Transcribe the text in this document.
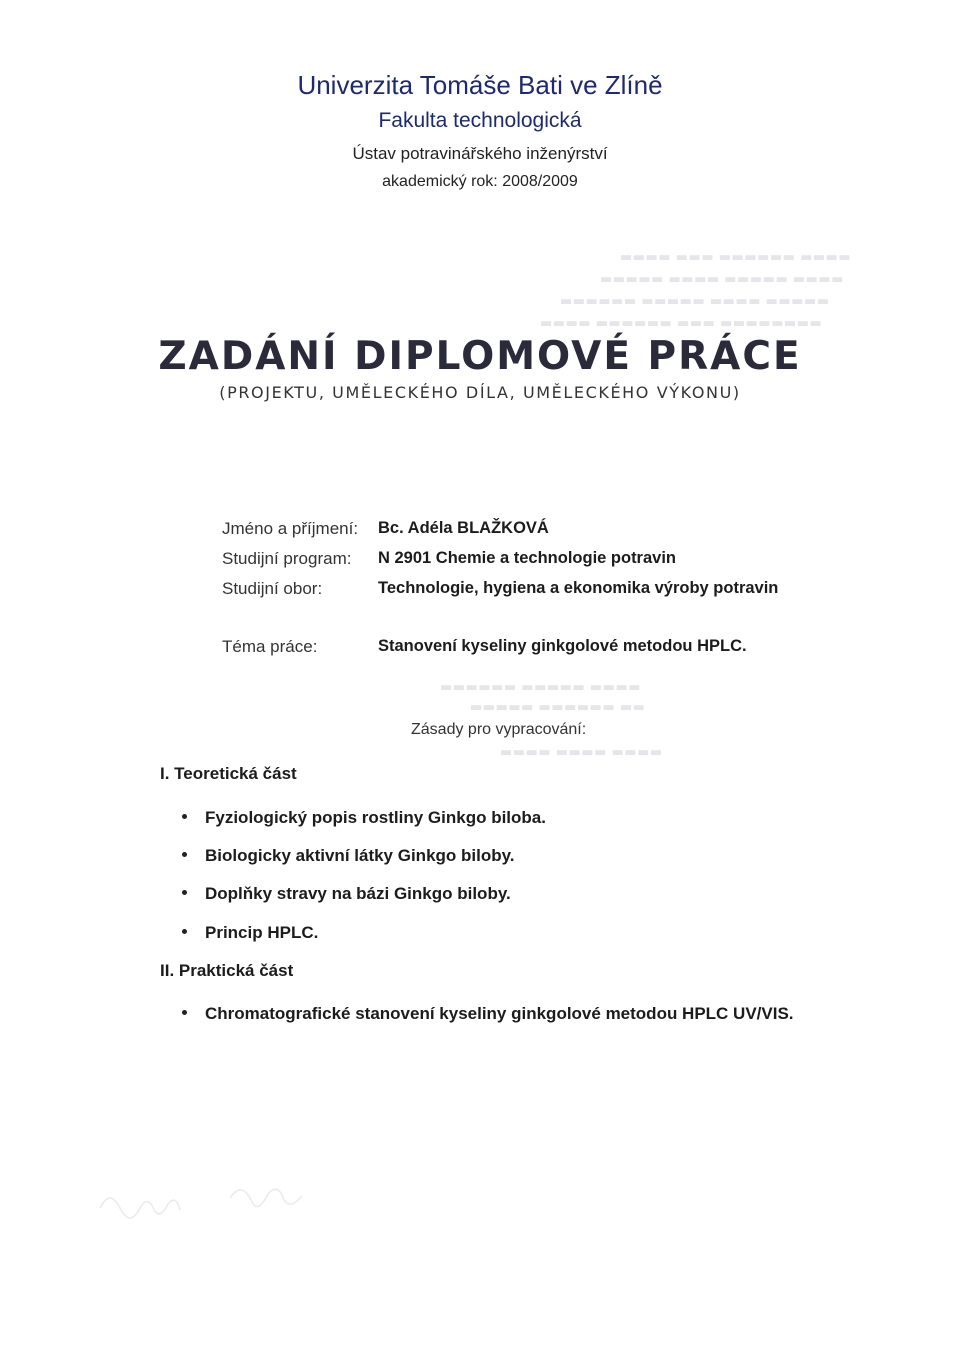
▬▬▬▬ ▬▬▬ ▬▬▬▬▬▬ ▬▬▬▬
▬▬▬▬▬ ▬▬▬▬ ▬▬▬▬▬ ▬▬▬▬
▬▬▬▬▬▬ ▬▬▬▬▬ ▬▬▬▬ ▬▬▬▬▬
▬▬▬▬ ▬▬▬▬▬▬ ▬▬▬ ▬▬▬▬▬▬▬▬
▬▬▬▬▬▬ ▬▬▬▬▬ ▬▬▬▬
▬▬▬▬▬ ▬▬▬▬▬▬ ▬▬
▬▬▬▬ ▬▬▬▬ ▬▬▬▬
Univerzita Tomáše Bati ve Zlíně
Fakulta technologická
Ústav potravinářského inženýrství
akademický rok: 2008/2009
ZADÁNÍ DIPLOMOVÉ PRÁCE
(PROJEKTU, UMĚLECKÉHO DÍLA, UMĚLECKÉHO VÝKONU)
Jméno a příjmení: Bc. Adéla BLAŽKOVÁ
Studijní program: N 2901 Chemie a technologie potravin
Studijní obor:	Technologie, hygiena a ekonomika výroby potravin
Téma práce:	Stanovení kyseliny ginkgolové metodou HPLC.
Zásady pro vypracování:
I. Teoretická část
Fyziologický popis rostliny Ginkgo biloba.
Biologicky aktivní látky Ginkgo biloby.
Doplňky stravy na bázi Ginkgo biloby.
Princip HPLC.
II. Praktická část
Chromatografické stanovení kyseliny ginkgolové metodou HPLC UV/VIS.
